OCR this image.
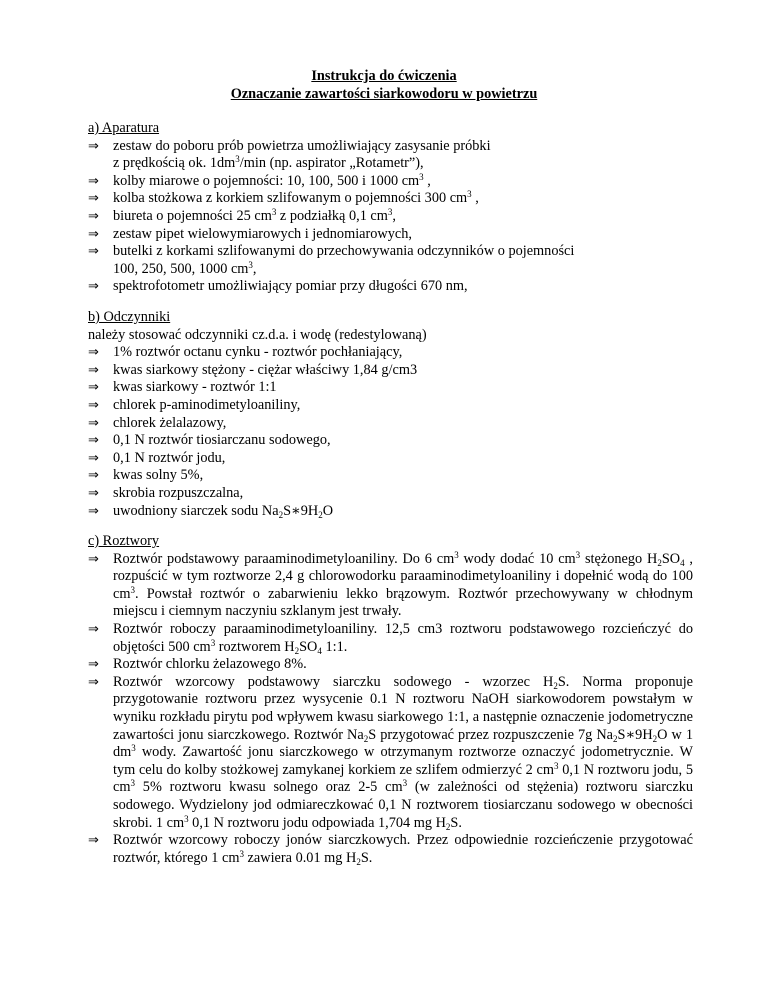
Instrukcja do ćwiczenia
Oznaczanie zawartości siarkowodoru w powietrzu
a) Aparatura
⇒ zestaw do poboru prób powietrza umożliwiający zasysanie próbki
z prędkością ok. $1dm^3/\min$ (np. aspirator „Rotametr”),
⇒ kolby miarowe o pojemności: 10, 100, 500 i 1000 $cm^3$ ,
⇒ kolba stożkowa z korkiem szlifowanym o pojemności 300 $cm^3$ ,
⇒ biureta o pojemności 25 $cm^3$ z podziałką 0,1 $cm^3$,
⇒ zestaw pipet wielowymiarowych i jednomiarowych,
⇒ butelki z korkami szlifowanymi do przechowywania odczynników o pojemności
100, 250, 500, 1000 $cm^3$,
⇒ spektrofotometr umożliwiający pomiar przy długości 670 nm,
b) Odczynniki
należy stosować odczynniki cz.d.a. i wodę (redestylowaną)
⇒ 1% roztwór octanu cynku - roztwór pochłaniający,
⇒ kwas siarkowy stężony - ciężar właściwy 1,84 g/cm3
⇒ kwas siarkowy - roztwór 1:1
⇒ chlorek p-aminodimetyloaniliny,
⇒ chlorek żelalazowy,
⇒ 0,1 N roztwór tiosiarczanu sodowego,
⇒ 0,1 N roztwór jodu,
⇒ kwas solny 5%,
⇒ skrobia rozpuszczalna,
⇒ uwodniony siarczek sodu $Na_2S∗9H_2O$
c) Roztwory
⇒ Roztwór podstawowy paraaminodimetyloaniliny. Do 6 $cm^3$ wody dodać 10 $cm^3$ stężonego $H_2SO_4$ , rozpuścić w tym roztworze 2,4 g chlorowodorku paraaminodimetyloaniliny i dopełnić wodą do 100 $cm^3$. Powstał roztwór o zabarwieniu lekko brązowym. Roztwór przechowywany w chłodnym miejscu i ciemnym naczyniu szklanym jest trwały.
⇒ Roztwór roboczy paraaminodimetyloaniliny. 12,5 cm3 roztworu podstawowego rozcieńczyć do objętości 500 $cm^3$ roztworem $H_2SO_4$ 1:1.
⇒ Roztwór chlorku żelazowego 8%.
⇒ Roztwór wzorcowy podstawowy siarczku sodowego - wzorzec $H_2S$. Norma proponuje przygotowanie roztworu przez wysycenie 0.1 N roztworu NaOH siarkowodorem powstałym w wyniku rozkładu pirytu pod wpływem kwasu siarkowego 1:1, a następnie oznaczenie jodometryczne zawartości jonu siarczkowego. Roztwór $Na_2S$ przygotować przez rozpuszczenie 7g $Na_2S∗9H_2O$ w 1 $dm^3$ wody. Zawartość jonu siarczkowego w otrzymanym roztworze oznaczyć jodometrycznie. W tym celu do kolby stożkowej zamykanej korkiem ze szlifem odmierzyć 2 $cm^3$ 0,1 N roztworu jodu, 5 $cm^3$ 5% roztworu kwasu solnego oraz 2-5 $cm^3$ (w zależności od stężenia) roztworu siarczku sodowego. Wydzielony jod odmiareczkować 0,1 N roztworem tiosiarczanu sodowego w obecności skrobi. 1 $cm^3$ 0,1 N roztworu jodu odpowiada 1,704 mg $H_2S$.
⇒ Roztwór wzorcowy roboczy jonów siarczkowych. Przez odpowiednie rozcieńczenie przygotować roztwór, którego 1 $cm^3$ zawiera 0.01 mg $H_2S$.
